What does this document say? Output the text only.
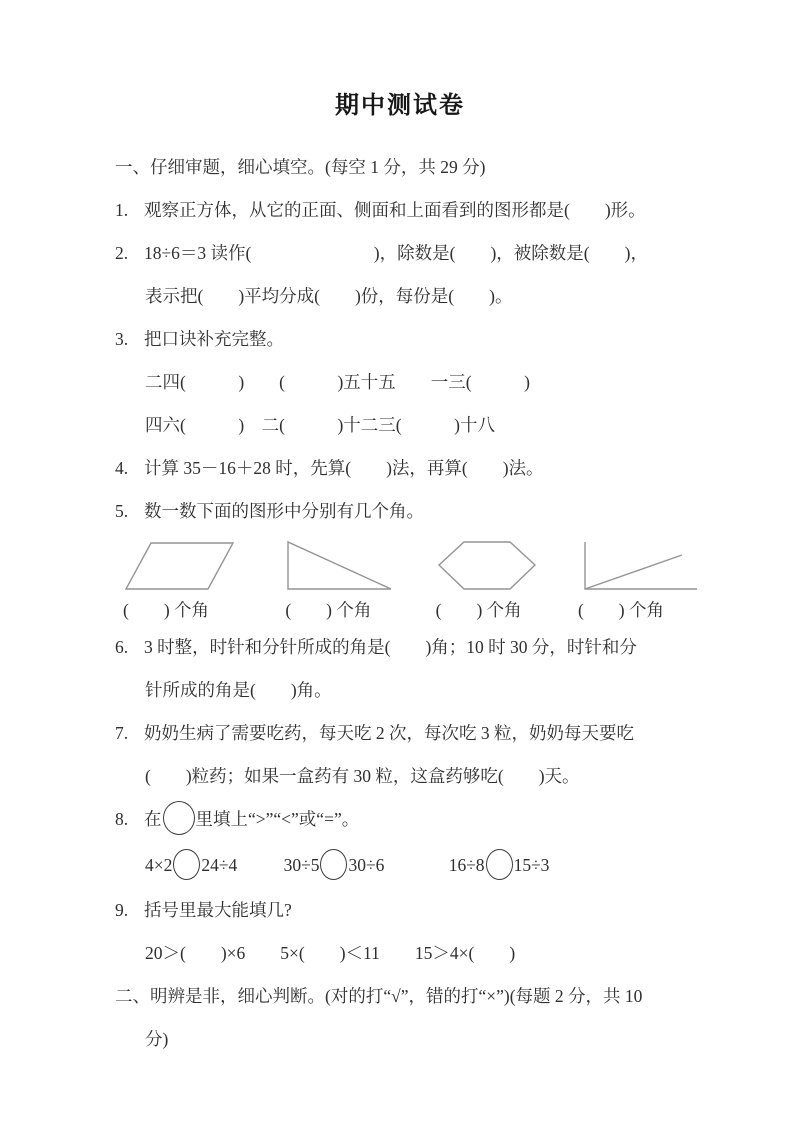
期中测试卷
一、仔细审题，细心填空。(每空 1 分，共 29 分)
1. 观察正方体，从它的正面、侧面和上面看到的图形都是(　　)形。
2. 18÷6＝3 读作(　　　　　　　)，除数是(　　)，被除数是(　　)，
表示把(　　)平均分成(　　)份，每份是(　　)。
3. 把口诀补充完整。
二四(　　　)　　(　　　)五十五　　一三(　　　)
四六(　　　)　二(　　　)十二三(　　　)十八
4. 计算 35－16＋28 时，先算(　　)法，再算(　　)法。
5. 数一数下面的图形中分别有几个角。
(　　) 个角	(　　) 个角	(　　) 个角	(　　) 个角
6. 3 时整，时针和分针所成的角是(　　)角；10 时 30 分，时针和分
针所成的角是(　　)角。
7. 奶奶生病了需要吃药，每天吃 2 次，每次吃 3 粒，奶奶每天要吃
(　　)粒药；如果一盒药有 30 粒，这盒药够吃(　　)天。
8. 在 里填上“>”“<”或“=”。
4×2 24÷4	30÷5 30÷6	16÷8 15÷3
9. 括号里最大能填几?
20＞(　　)×6　　5×(　　)＜11　　15＞4×(　　)
二、明辨是非，细心判断。(对的打“√”，错的打“×”)(每题 2 分，共 10
分)
